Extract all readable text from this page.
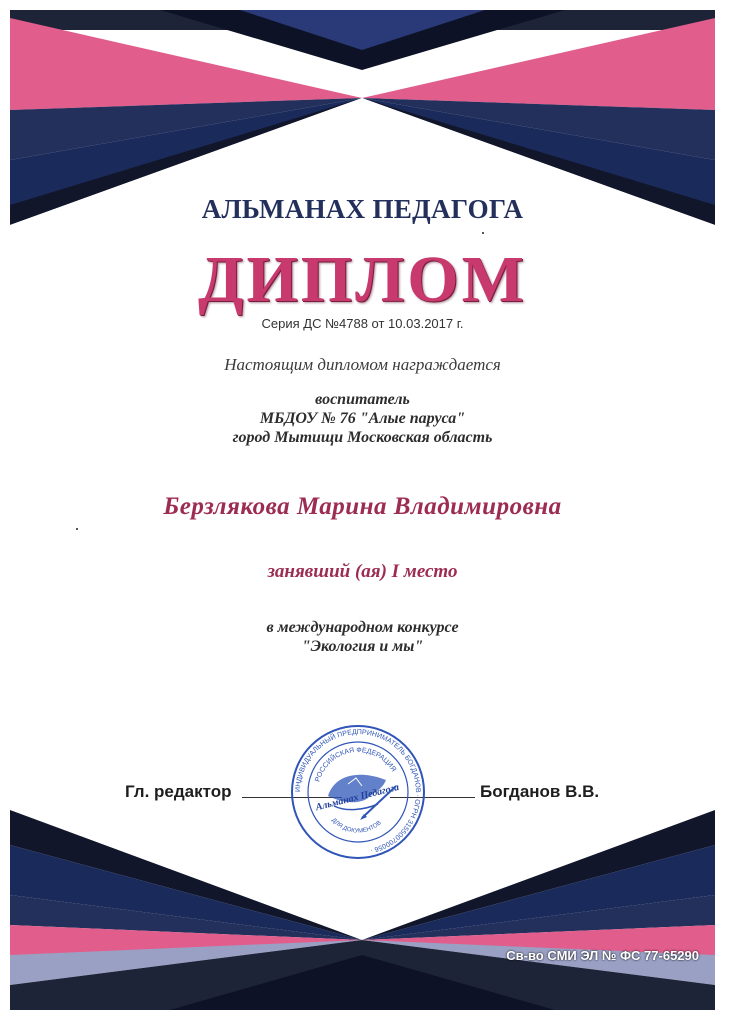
АЛЬМАНАХ ПЕДАГОГА
ДИПЛОМ
Серия ДС №4788 от 10.03.2017 г.
Настоящим дипломом награждается
воспитатель
МБДОУ № 76 "Алые паруса"
город Мытищи Московская область
Берзлякова Марина Владимировна
занявший (ая) I место
в международном конкурсе
"Экология и мы"
Гл. редактор	Богданов В.В.
ИНДИВИДУАЛЬНЫЙ ПРЕДПРИНИМАТЕЛЬ БОГДАНОВ · ОГРН 315500700056 ·
РОССИЙСКАЯ ФЕДЕРАЦИЯ
Альманах Педагога
ДЛЯ ДОКУМЕНТОВ
Св-во СМИ ЭЛ № ФС 77-65290
